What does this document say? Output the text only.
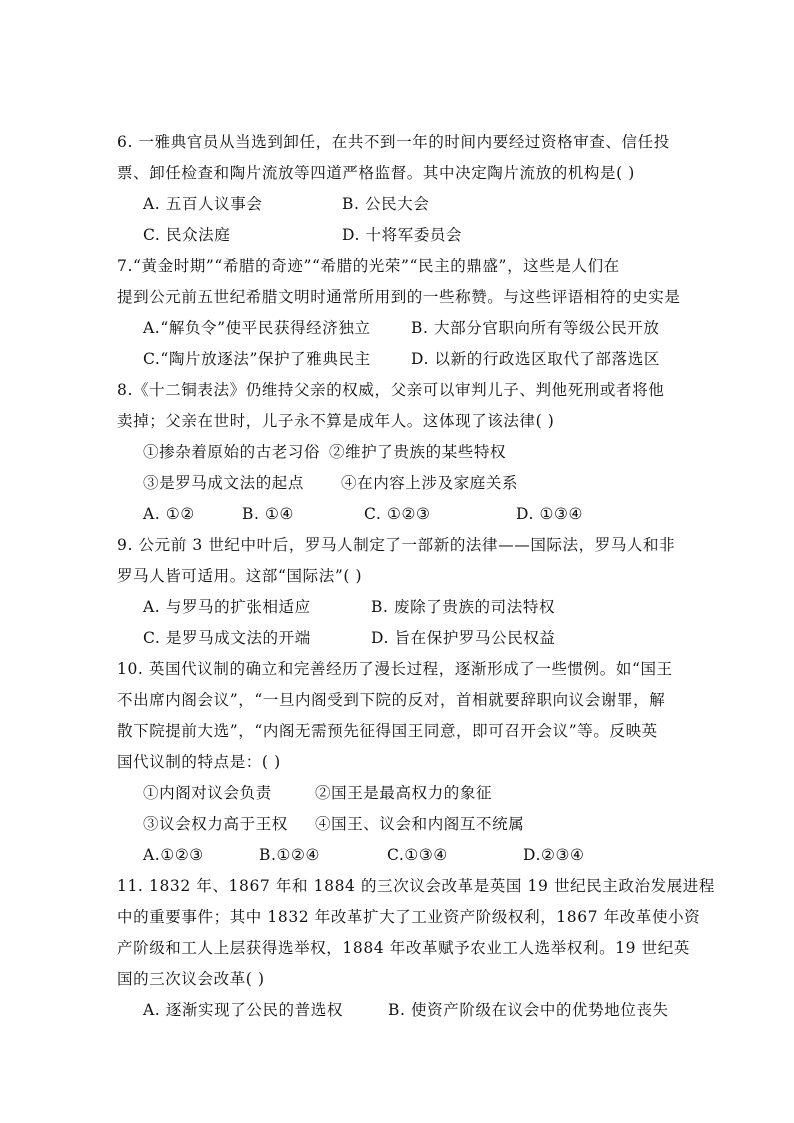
6. 一雅典官员从当选到卸任，在共不到一年的时间内要经过资格审查、信任投
票、卸任检查和陶片流放等四道严格监督。其中决定陶片流放的机构是( )
A. 五百人议事会	B. 公民大会
C. 民众法庭	D. 十将军委员会
7.“黄金时期”“希腊的奇迹”“希腊的光荣”“民主的鼎盛”，这些是人们在
提到公元前五世纪希腊文明时通常所用到的一些称赞。与这些评语相符的史实是
A.“解负令”使平民获得经济独立	B. 大部分官职向所有等级公民开放
C.“陶片放逐法”保护了雅典民主	D. 以新的行政选区取代了部落选区
8.《十二铜表法》仍维持父亲的权威，父亲可以审判儿子、判他死刑或者将他
卖掉；父亲在世时，儿子永不算是成年人。这体现了该法律( )
①掺杂着原始的古老习俗 ②维护了贵族的某些特权
③是罗马成文法的起点 ④在内容上涉及家庭关系
A. ①②	B. ①④	C. ①②③	D. ①③④
9. 公元前 3 世纪中叶后，罗马人制定了一部新的法律——国际法，罗马人和非
罗马人皆可适用。这部“国际法”( )
A. 与罗马的扩张相适应	B. 废除了贵族的司法特权
C. 是罗马成文法的开端	D. 旨在保护罗马公民权益
10. 英国代议制的确立和完善经历了漫长过程，逐渐形成了一些惯例。如“国王
不出席内阁会议”，“一旦内阁受到下院的反对，首相就要辞职向议会谢罪，解
散下院提前大选”，“内阁无需预先征得国王同意，即可召开会议”等。反映英
国代议制的特点是：( )
①内阁对议会负责	②国王是最高权力的象征
③议会权力高于王权 ④国王、议会和内阁互不统属
A.①②③	B.①②④	C.①③④	D.②③④
11. 1832 年、1867 年和 1884 的三次议会改革是英国 19 世纪民主政治发展进程
中的重要事件；其中 1832 年改革扩大了工业资产阶级权利，1867 年改革使小资
产阶级和工人上层获得选举权，1884 年改革赋予农业工人选举权利。19 世纪英
国的三次议会改革( )
A. 逐渐实现了公民的普选权	B. 使资产阶级在议会中的优势地位丧失
